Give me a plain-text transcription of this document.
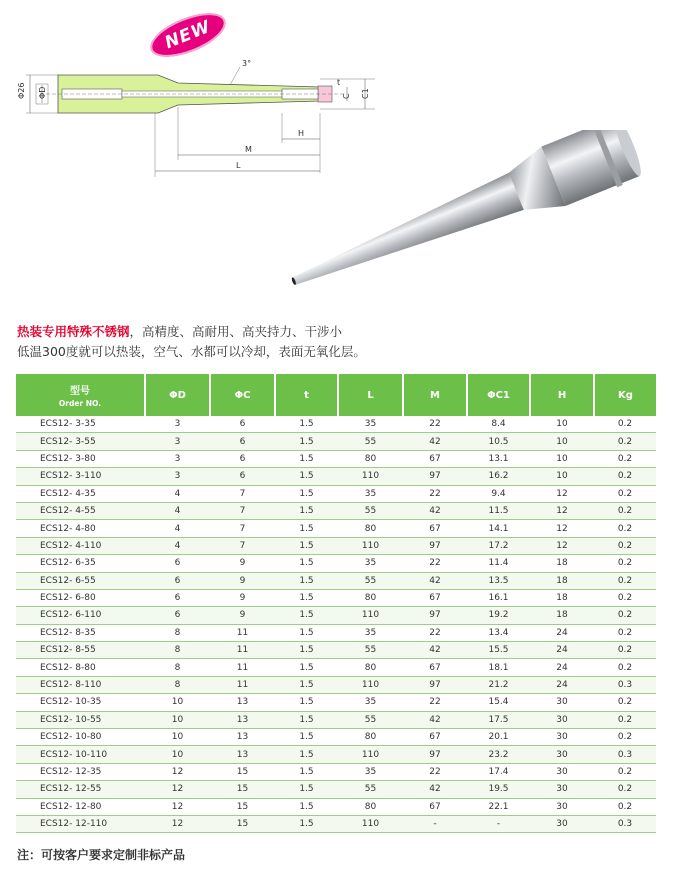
NEW
Φ26 ΦD
3°
C1
C
t
H
M
L
热装专用特殊不锈钢，高精度、高耐用、高夹持力、干涉小
低温300度就可以热装，空气、水都可以冷却，表面无氧化层。
型号
Order NO.	ΦD	ΦC	t	L	M	ΦC1	H	Kg
ECS12- 3-35	3	6	1.5	35	22	8.4	10	0.2
ECS12- 3-55	3	6	1.5	55	42	10.5	10	0.2
ECS12- 3-80	3	6	1.5	80	67	13.1	10	0.2
ECS12- 3-110	3	6	1.5	110	97	16.2	10	0.2
ECS12- 4-35	4	7	1.5	35	22	9.4	12	0.2
ECS12- 4-55	4	7	1.5	55	42	11.5	12	0.2
ECS12- 4-80	4	7	1.5	80	67	14.1	12	0.2
ECS12- 4-110	4	7	1.5	110	97	17.2	12	0.2
ECS12- 6-35	6	9	1.5	35	22	11.4	18	0.2
ECS12- 6-55	6	9	1.5	55	42	13.5	18	0.2
ECS12- 6-80	6	9	1.5	80	67	16.1	18	0.2
ECS12- 6-110	6	9	1.5	110	97	19.2	18	0.2
ECS12- 8-35	8	11	1.5	35	22	13.4	24	0.2
ECS12- 8-55	8	11	1.5	55	42	15.5	24	0.2
ECS12- 8-80	8	11	1.5	80	67	18.1	24	0.2
ECS12- 8-110	8	11	1.5	110	97	21.2	24	0.3
ECS12- 10-35	10	13	1.5	35	22	15.4	30	0.2
ECS12- 10-55	10	13	1.5	55	42	17.5	30	0.2
ECS12- 10-80	10	13	1.5	80	67	20.1	30	0.2
ECS12- 10-110	10	13	1.5	110	97	23.2	30	0.3
ECS12- 12-35	12	15	1.5	35	22	17.4	30	0.2
ECS12- 12-55	12	15	1.5	55	42	19.5	30	0.2
ECS12- 12-80	12	15	1.5	80	67	22.1	30	0.2
ECS12- 12-110	12	15	1.5	110	-	-	30	0.3
注：可按客户要求定制非标产品
